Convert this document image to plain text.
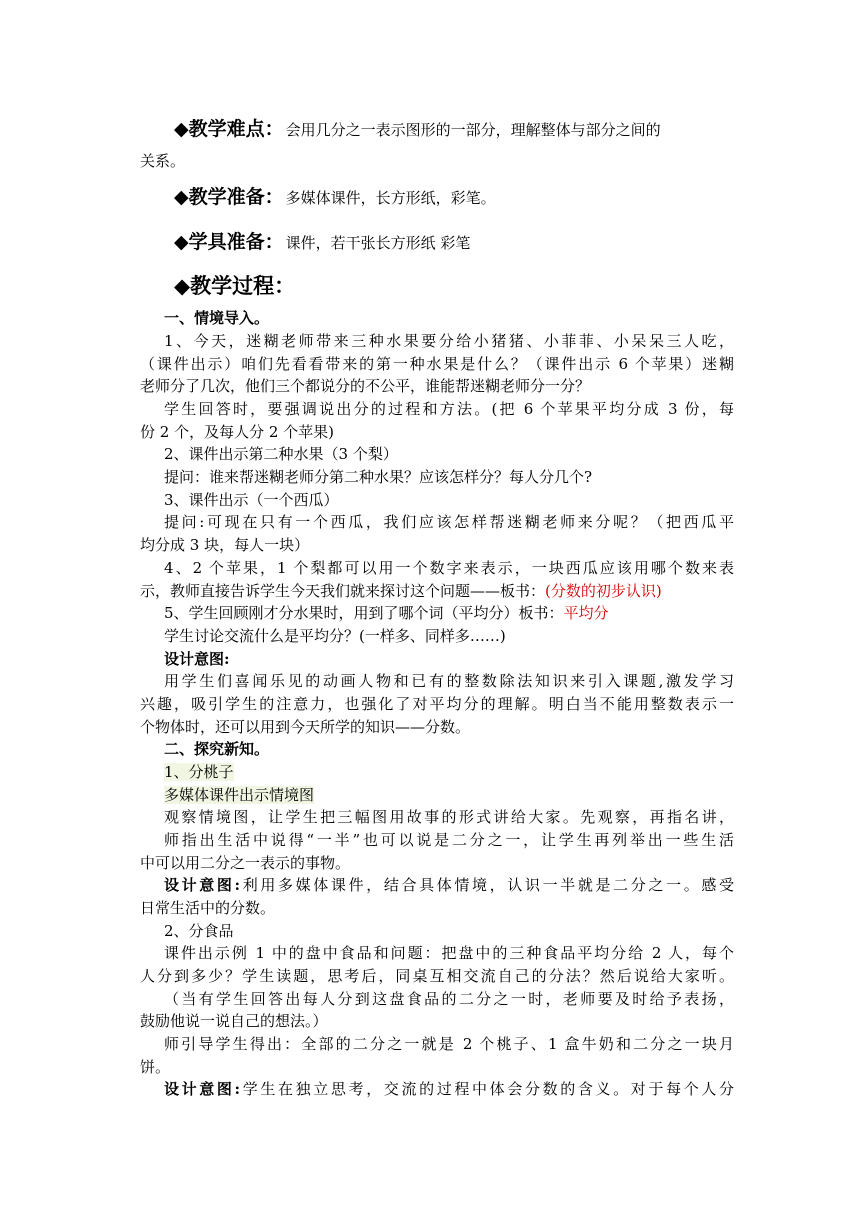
◆教学难点： 会用几分之一表示图形的一部分，理解整体与部分之间的
关系。
◆教学准备： 多媒体课件，长方形纸，彩笔。
◆学具准备： 课件，若干张长方形纸 彩笔
◆教学过程：
一、情境导入。
1、今天，迷糊老师带来三种水果要分给小猪猪、小菲菲、小呆呆三人吃，
（课件出示）咱们先看看带来的第一种水果是什么？（课件出示 6 个苹果）迷糊
老师分了几次，他们三个都说分的不公平，谁能帮迷糊老师分一分？
学生回答时，要强调说出分的过程和方法。(把 6 个苹果平均分成 3 份，每
份 2 个，及每人分 2 个苹果)
2、课件出示第二种水果（3 个梨）
提问：谁来帮迷糊老师分第二种水果？应该怎样分？每人分几个?
3、课件出示（一个西瓜）
提问:可现在只有一个西瓜，我们应该怎样帮迷糊老师来分呢？（把西瓜平
均分成 3 块，每人一块）
4、2 个苹果，1 个梨都可以用一个数字来表示，一块西瓜应该用哪个数来表
示，教师直接告诉学生今天我们就来探讨这个问题——板书：(分数的初步认识)
5、学生回顾刚才分水果时，用到了哪个词（平均分）板书：平均分
学生讨论交流什么是平均分？(一样多、同样多……)
设计意图:
用学生们喜闻乐见的动画人物和已有的整数除法知识来引入课题,激发学习
兴趣，吸引学生的注意力，也强化了对平均分的理解。明白当不能用整数表示一
个物体时，还可以用到今天所学的知识——分数。
二、探究新知。
1、分桃子
多媒体课件出示情境图
观察情境图，让学生把三幅图用故事的形式讲给大家。先观察，再指名讲，
师指出生活中说得“一半”也可以说是二分之一，让学生再列举出一些生活
中可以用二分之一表示的事物。
设计意图:利用多媒体课件，结合具体情境，认识一半就是二分之一。感受
日常生活中的分数。
2、分食品
课件出示例 1 中的盘中食品和问题：把盘中的三种食品平均分给 2 人，每个
人分到多少？学生读题，思考后，同桌互相交流自己的分法？然后说给大家听。
（当有学生回答出每人分到这盘食品的二分之一时，老师要及时给予表扬，
鼓励他说一说自己的想法。）
师引导学生得出：全部的二分之一就是 2 个桃子、1 盒牛奶和二分之一块月
饼。
设计意图:学生在独立思考，交流的过程中体会分数的含义。对于每个人分
